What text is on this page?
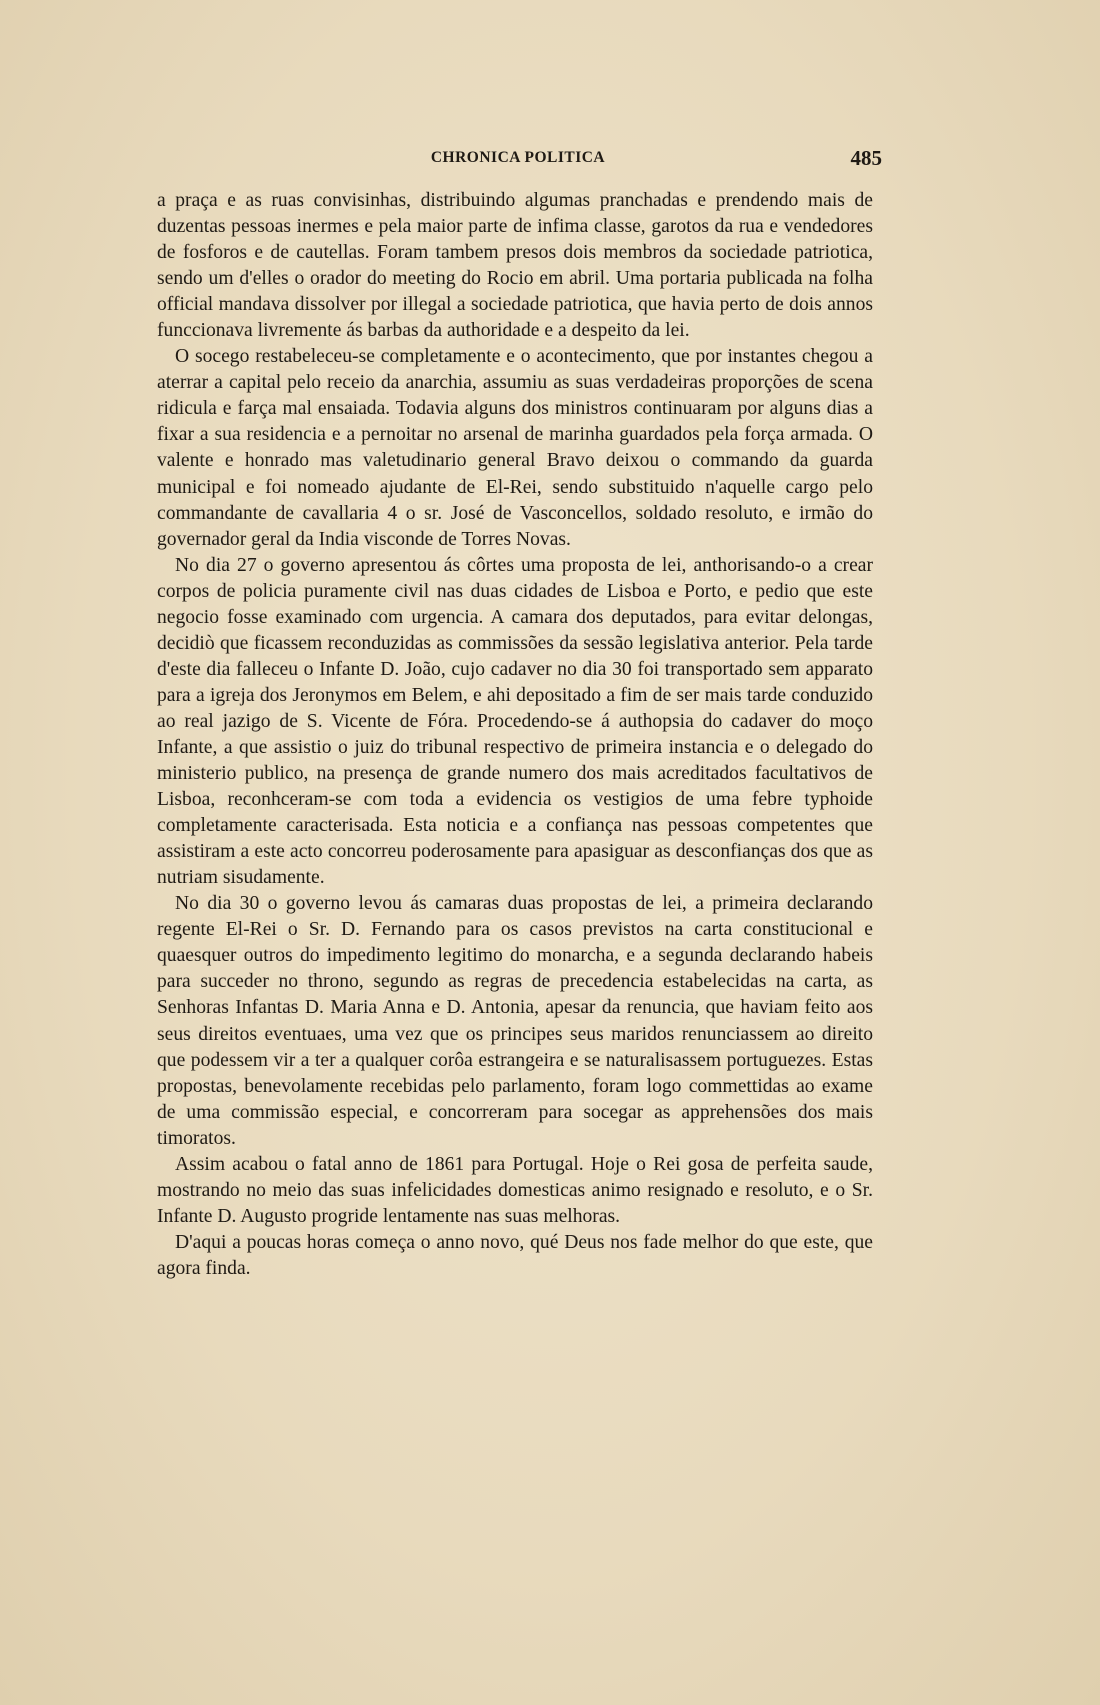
CHRONICA POLITICA	485

a praça e as ruas convisinhas, distribuindo algumas pranchadas e prendendo mais de duzentas pessoas inermes e pela maior parte de infima classe, garotos da rua e vendedores de fosforos e de cautellas. Foram tambem presos dois membros da sociedade patriotica, sendo um d'elles o orador do meeting do Rocio em abril. Uma portaria publicada na folha official mandava dissolver por illegal a sociedade patriotica, que havia perto de dois annos funccionava livremente ás barbas da authoridade e a despeito da lei.

O socego restabeleceu-se completamente e o acontecimento, que por instantes chegou a aterrar a capital pelo receio da anarchia, assumiu as suas verdadeiras proporções de scena ridicula e farça mal ensaiada. Todavia alguns dos ministros continuaram por alguns dias a fixar a sua residencia e a pernoitar no arsenal de marinha guardados pela força armada. O valente e honrado mas valetudinario general Bravo deixou o commando da guarda municipal e foi nomeado ajudante de El-Rei, sendo substituido n'aquelle cargo pelo commandante de cavallaria 4 o sr. José de Vasconcellos, soldado resoluto, e irmão do governador geral da India visconde de Torres Novas.

No dia 27 o governo apresentou ás côrtes uma proposta de lei, anthorisando-o a crear corpos de policia puramente civil nas duas cidades de Lisboa e Porto, e pedio que este negocio fosse examinado com urgencia. A camara dos deputados, para evitar delongas, decidiò que ficassem reconduzidas as commissões da sessão legislativa anterior. Pela tarde d'este dia falleceu o Infante D. João, cujo cadaver no dia 30 foi transportado sem apparato para a igreja dos Jeronymos em Belem, e ahi depositado a fim de ser mais tarde conduzido ao real jazigo de S. Vicente de Fóra. Procedendo-se á authopsia do cadaver do moço Infante, a que assistio o juiz do tribunal respectivo de primeira instancia e o delegado do ministerio publico, na presença de grande numero dos mais acreditados facultativos de Lisboa, reconhceram-se com toda a evidencia os vestigios de uma febre typhoide completamente caracterisada. Esta noticia e a confiança nas pessoas competentes que assistiram a este acto concorreu poderosamente para apasiguar as desconfianças dos que as nutriam sisudamente.

No dia 30 o governo levou ás camaras duas propostas de lei, a primeira declarando regente El-Rei o Sr. D. Fernando para os casos previstos na carta constitucional e quaesquer outros do impedimento legitimo do monarcha, e a segunda declarando habeis para succeder no throno, segundo as regras de precedencia estabelecidas na carta, as Senhoras Infantas D. Maria Anna e D. Antonia, apesar da renuncia, que haviam feito aos seus direitos eventuaes, uma vez que os principes seus maridos renunciassem ao direito que podessem vir a ter a qualquer corôa estrangeira e se naturalisassem portuguezes. Estas propostas, benevolamente recebidas pelo parlamento, foram logo commettidas ao exame de uma commissão especial, e concorreram para socegar as apprehensões dos mais timoratos.

Assim acabou o fatal anno de 1861 para Portugal. Hoje o Rei gosa de perfeita saude, mostrando no meio das suas infelicidades domesticas animo resignado e resoluto, e o Sr. Infante D. Augusto progride lentamente nas suas melhoras.

D'aqui a poucas horas começa o anno novo, qué Deus nos fade melhor do que este, que agora finda.
